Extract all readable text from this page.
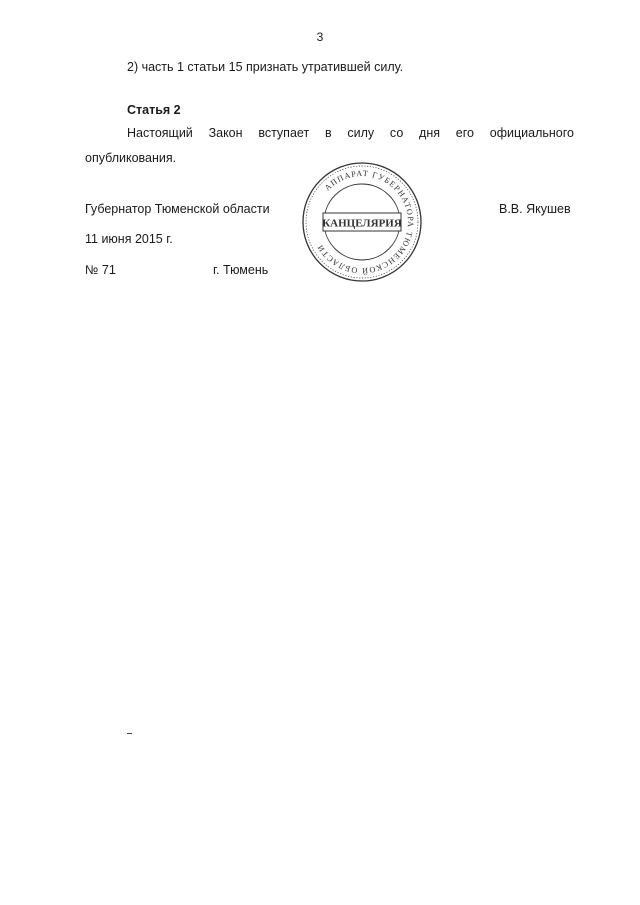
3
2) часть 1 статьи 15 признать утратившей силу.
Статья 2
Настоящий Закон вступает в силу со дня его официального
опубликования.
Губернатор Тюменской области	В.В. Якушев
11 июня 2015 г.
№ 71	г. Тюмень
АППАРАТ ГУБЕРНАТОРА ТЮМЕНСКОЙ ОБЛАСТИ
КАНЦЕЛЯРИЯ
